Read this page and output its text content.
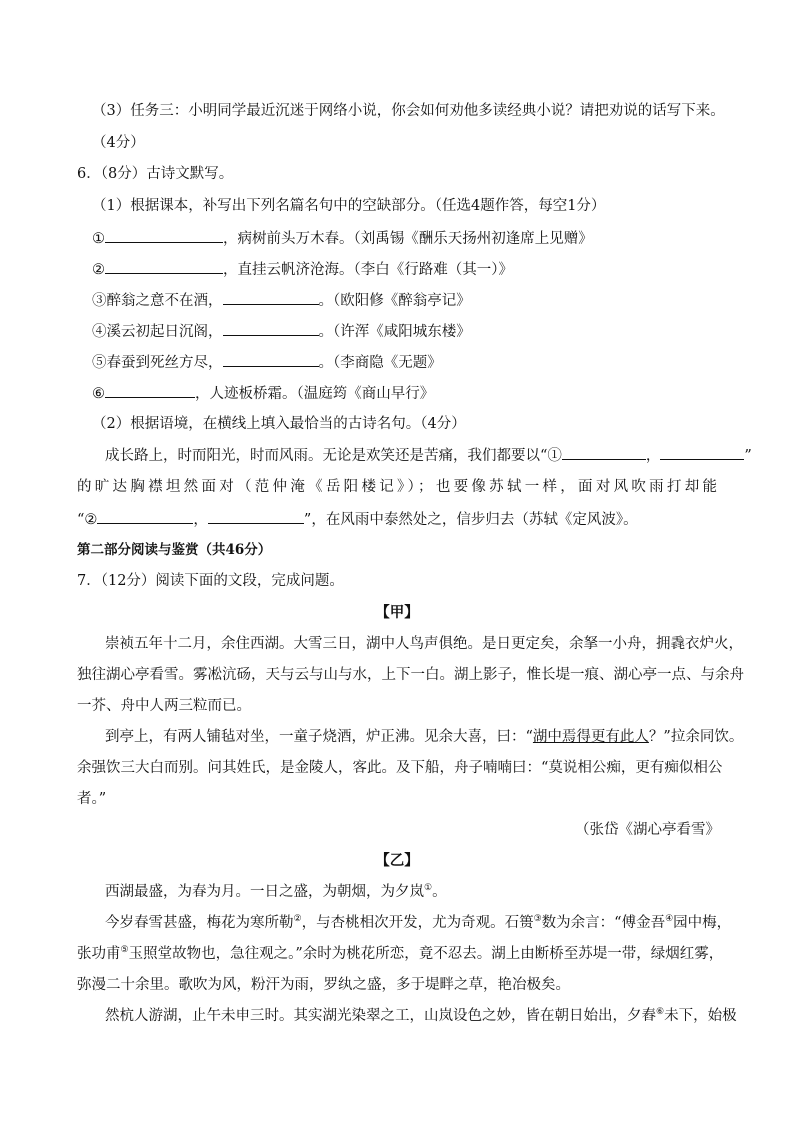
（3）任务三：小明同学最近沉迷于网络小说，你会如何劝他多读经典小说？请把劝说的话写下来。
（4分）
6．（8分）古诗文默写。
（1）根据课本，补写出下列名篇名句中的空缺部分。（任选4题作答，每空1分）
①	，病树前头万木春。（刘禹锡《酬乐天扬州初逢席上见赠》
②	，直挂云帆济沧海。（李白《行路难（其一）》
③醉翁之意不在酒，	。（欧阳修《醉翁亭记》
④溪云初起日沉阁，	。（许浑《咸阳城东楼》
⑤春蚕到死丝方尽，	。（李商隐《无题》
⑥	，人迹板桥霜。（温庭筠《商山早行》
（2）根据语境，在横线上填入最恰当的古诗名句。（4分）
成长路上，时而阳光，时而风雨。无论是欢笑还是苦痛，我们都要以“①	，	”
的旷达胸襟坦然面对（范仲淹《岳阳楼记》）；也要像苏轼一样，面对风吹雨打却能
“②	，	”，在风雨中泰然处之，信步归去（苏轼《定风波》。
第二部分阅读与鉴赏（共46分）
7．（12分）阅读下面的文段，完成问题。
【甲】
崇祯五年十二月，余住西湖。大雪三日，湖中人鸟声俱绝。是日更定矣，余拏一小舟，拥毳衣炉火，
独往湖心亭看雪。雾凇沆砀，天与云与山与水，上下一白。湖上影子，惟长堤一痕、湖心亭一点、与余舟
一芥、舟中人两三粒而已。
到亭上，有两人铺毡对坐，一童子烧酒，炉正沸。见余大喜，曰：“湖中焉得更有此人？”拉余同饮。
余强饮三大白而别。问其姓氏，是金陵人，客此。及下船，舟子喃喃曰：“莫说相公痴，更有痴似相公
者。”
（张岱《湖心亭看雪》
【乙】
西湖最盛，为春为月。一日之盛，为朝烟，为夕岚①。
今岁春雪甚盛，梅花为寒所勒②，与杏桃相次开发，尤为奇观。石篑③数为余言：“傅金吾④园中梅，
张功甫⑤玉照堂故物也，急往观之。”余时为桃花所恋，竟不忍去。湖上由断桥至苏堤一带，绿烟红雾，
弥漫二十余里。歌吹为风，粉汗为雨，罗纨之盛，多于堤畔之草，艳冶极矣。
然杭人游湖，止午未申三时。其实湖光染翠之工，山岚设色之妙，皆在朝日始出，夕舂⑥未下，始极
